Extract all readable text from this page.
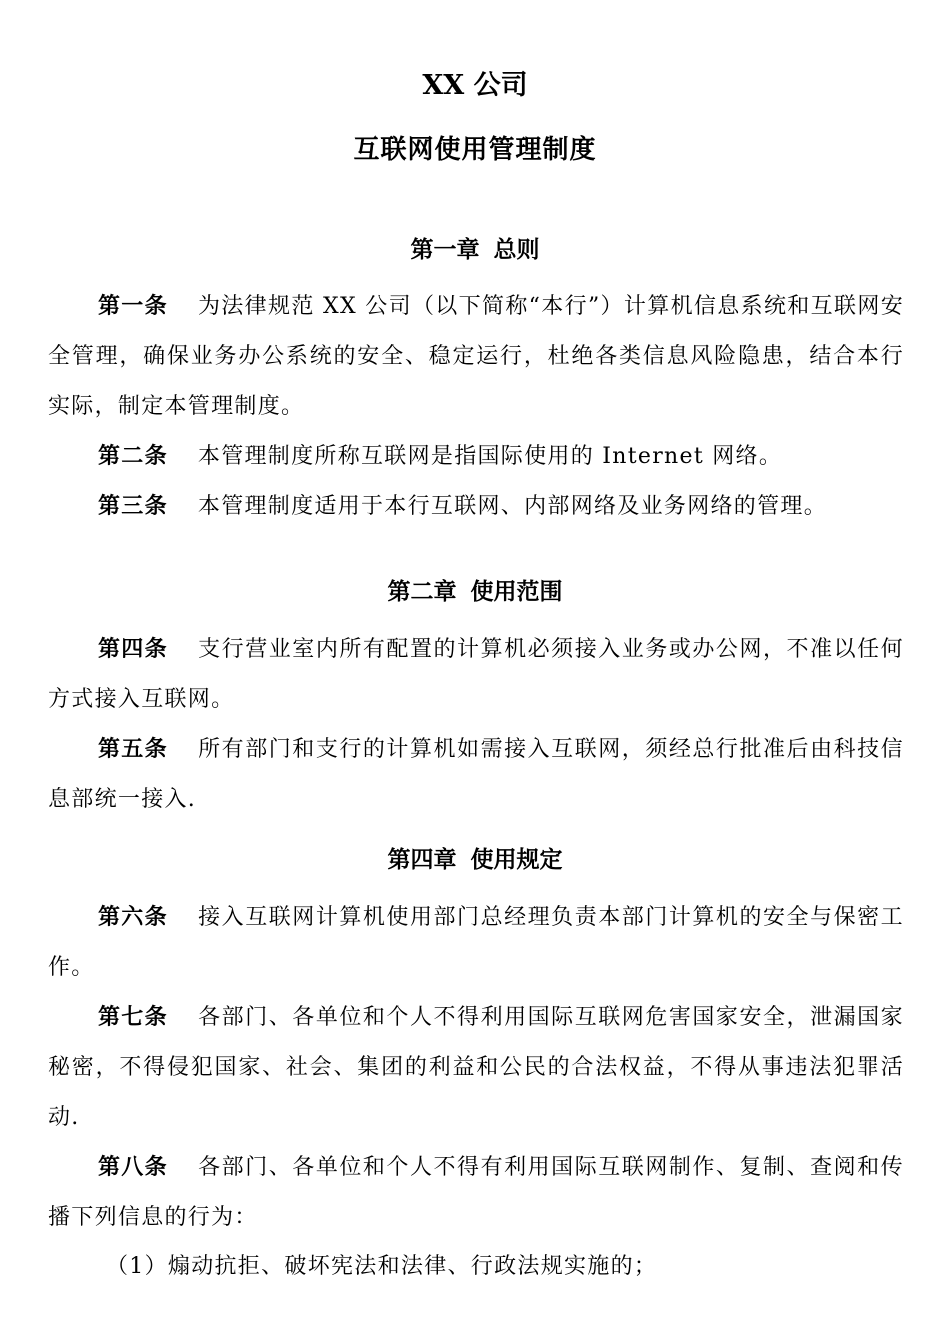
XX 公司
互联网使用管理制度
第一章 总则
第一条 为法律规范 XX 公司（以下简称“本行”）计算机信息系统和互联网安全管理，确保业务办公系统的安全、稳定运行，杜绝各类信息风险隐患，结合本行实际，制定本管理制度。
第二条 本管理制度所称互联网是指国际使用的 Internet 网络。
第三条 本管理制度适用于本行互联网、内部网络及业务网络的管理。
第二章 使用范围
第四条 支行营业室内所有配置的计算机必须接入业务或办公网，不准以任何方式接入互联网。
第五条 所有部门和支行的计算机如需接入互联网，须经总行批准后由科技信息部统一接入.
第四章 使用规定
第六条 接入互联网计算机使用部门总经理负责本部门计算机的安全与保密工作。
第七条 各部门、各单位和个人不得利用国际互联网危害国家安全，泄漏国家秘密，不得侵犯国家、社会、集团的利益和公民的合法权益，不得从事违法犯罪活动.
第八条 各部门、各单位和个人不得有利用国际互联网制作、复制、查阅和传播下列信息的行为：
（1）煽动抗拒、破坏宪法和法律、行政法规实施的；
